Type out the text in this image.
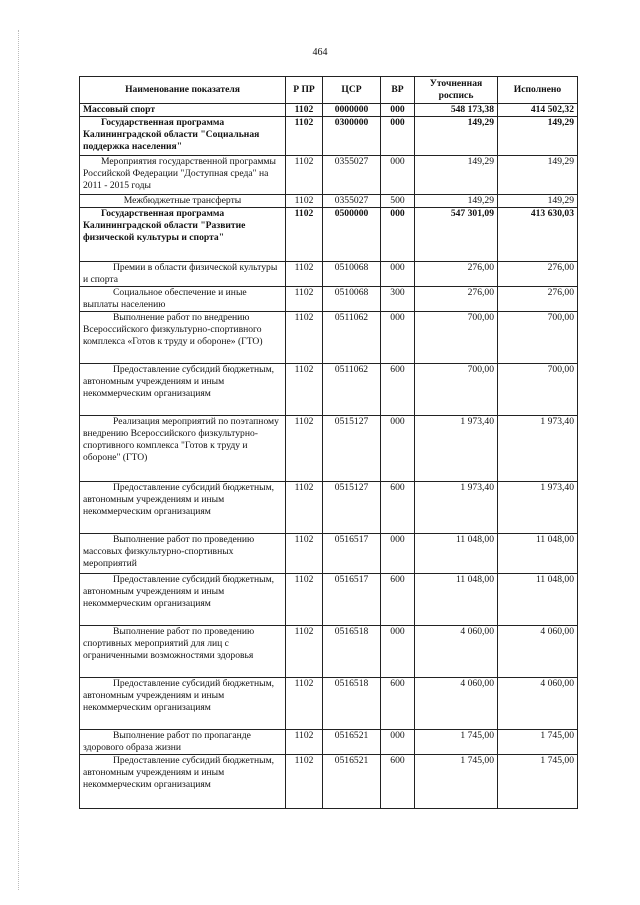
464
Наименование показателя	Р ПР	ЦСР	ВР	Уточненная роспись	Исполнено
Массовый спорт	1102	0000000	000	548 173,38	414 502,32
Государственная программа Калининградской области "Социальная поддержка населения"	1102	0300000	000	149,29	149,29
Мероприятия государственной программы Российской Федерации "Доступная среда" на 2011 - 2015 годы	1102	0355027	000	149,29	149,29
Межбюджетные трансферты	1102	0355027	500	149,29	149,29
Государственная программа Калининградской области "Развитие физической культуры и спорта"	1102	0500000	000	547 301,09	413 630,03
Премии в области физической культуры и спорта	1102	0510068	000	276,00	276,00
Социальное обеспечение и иные выплаты населению	1102	0510068	300	276,00	276,00
Выполнение работ по внедрению Всероссийского физкультурно-спортивного комплекса «Готов к труду и обороне» (ГТО)	1102	0511062	000	700,00	700,00
Предоставление субсидий бюджетным, автономным учреждениям и иным некоммерческим организациям	1102	0511062	600	700,00	700,00
Реализация мероприятий по поэтапному внедрению Всероссийского физкультурно-спортивного комплекса "Готов к труду и обороне" (ГТО)	1102	0515127	000	1 973,40	1 973,40
Предоставление субсидий бюджетным, автономным учреждениям и иным некоммерческим организациям	1102	0515127	600	1 973,40	1 973,40
Выполнение работ по проведению массовых физкультурно-спортивных мероприятий	1102	0516517	000	11 048,00	11 048,00
Предоставление субсидий бюджетным, автономным учреждениям и иным некоммерческим организациям	1102	0516517	600	11 048,00	11 048,00
Выполнение работ по проведению спортивных мероприятий для лиц с ограниченными возможностями здоровья	1102	0516518	000	4 060,00	4 060,00
Предоставление субсидий бюджетным, автономным учреждениям и иным некоммерческим организациям	1102	0516518	600	4 060,00	4 060,00
Выполнение работ по пропаганде здорового образа жизни	1102	0516521	000	1 745,00	1 745,00
Предоставление субсидий бюджетным, автономным учреждениям и иным некоммерческим организациям	1102	0516521	600	1 745,00	1 745,00
